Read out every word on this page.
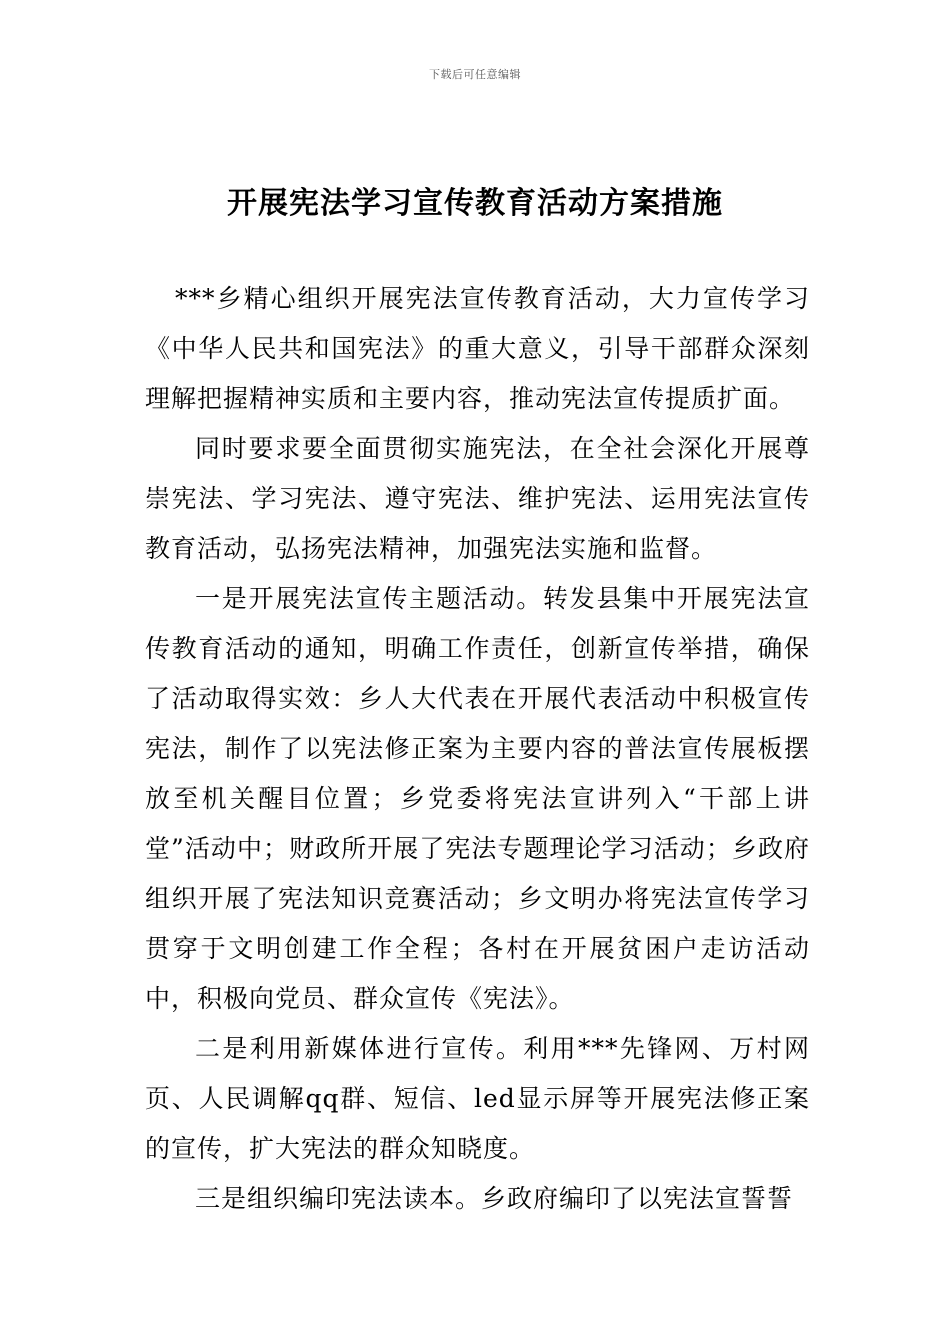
下载后可任意编辑
开展宪法学习宣传教育活动方案措施

***乡精心组织开展宪法宣传教育活动，大力宣传学习《中华人民共和国宪法》的重大意义，引导干部群众深刻理解把握精神实质和主要内容，推动宪法宣传提质扩面。

同时要求要全面贯彻实施宪法，在全社会深化开展尊崇宪法、学习宪法、遵守宪法、维护宪法、运用宪法宣传教育活动，弘扬宪法精神，加强宪法实施和监督。

一是开展宪法宣传主题活动。转发县集中开展宪法宣传教育活动的通知，明确工作责任，创新宣传举措，确保了活动取得实效：乡人大代表在开展代表活动中积极宣传宪法，制作了以宪法修正案为主要内容的普法宣传展板摆放至机关醒目位置；乡党委将宪法宣讲列入“干部上讲堂”活动中；财政所开展了宪法专题理论学习活动；乡政府组织开展了宪法知识竞赛活动；乡文明办将宪法宣传学习贯穿于文明创建工作全程；各村在开展贫困户走访活动中，积极向党员、群众宣传《宪法》。

二是利用新媒体进行宣传。利用***先锋网、万村网页、人民调解qq群、短信、led显示屏等开展宪法修正案的宣传，扩大宪法的群众知晓度。

三是组织编印宪法读本。乡政府编印了以宪法宣誓誓
